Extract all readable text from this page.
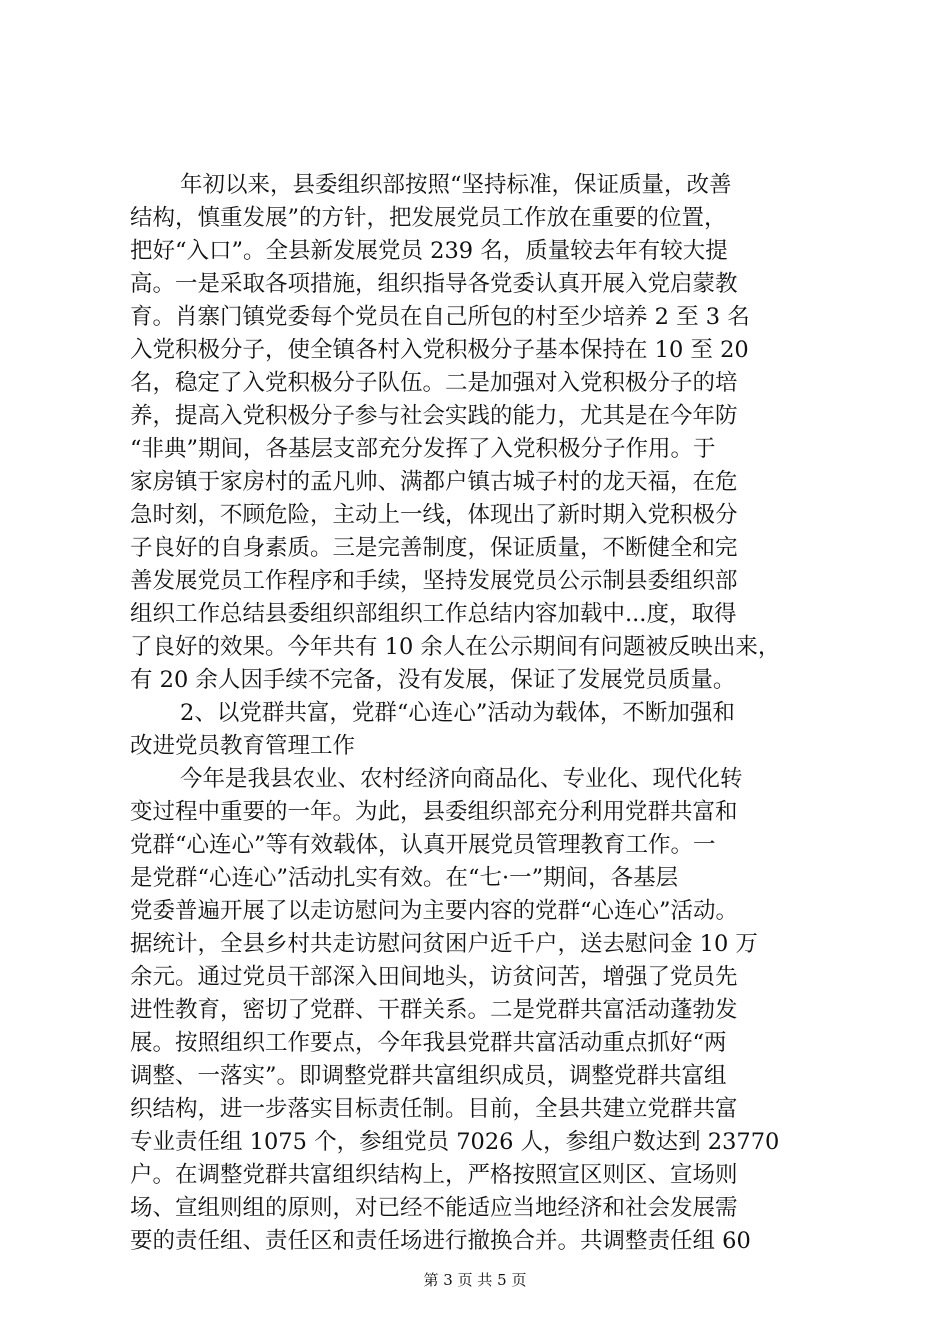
年初以来，县委组织部按照“坚持标准，保证质量，改善
结构，慎重发展”的方针，把发展党员工作放在重要的位置，
把好“入口”。全县新发展党员 239 名，质量较去年有较大提
高。一是采取各项措施，组织指导各党委认真开展入党启蒙教
育。肖寨门镇党委每个党员在自己所包的村至少培养 2 至 3 名
入党积极分子，使全镇各村入党积极分子基本保持在 10 至 20
名，稳定了入党积极分子队伍。二是加强对入党积极分子的培
养，提高入党积极分子参与社会实践的能力，尤其是在今年防
“非典”期间，各基层支部充分发挥了入党积极分子作用。于
家房镇于家房村的孟凡帅、满都户镇古城子村的龙天福，在危
急时刻，不顾危险，主动上一线，体现出了新时期入党积极分
子良好的自身素质。三是完善制度，保证质量，不断健全和完
善发展党员工作程序和手续，坚持发展党员公示制县委组织部
组织工作总结县委组织部组织工作总结内容加载中...度，取得
了良好的效果。今年共有 10 余人在公示期间有问题被反映出来，
有 20 余人因手续不完备，没有发展，保证了发展党员质量。
2、以党群共富，党群“心连心”活动为载体，不断加强和
改进党员教育管理工作
今年是我县农业、农村经济向商品化、专业化、现代化转
变过程中重要的一年。为此，县委组织部充分利用党群共富和
党群“心连心”等有效载体，认真开展党员管理教育工作。一
是党群“心连心”活动扎实有效。在“七·一”期间，各基层
党委普遍开展了以走访慰问为主要内容的党群“心连心”活动。
据统计，全县乡村共走访慰问贫困户近千户，送去慰问金 10 万
余元。通过党员干部深入田间地头，访贫问苦，增强了党员先
进性教育，密切了党群、干群关系。二是党群共富活动蓬勃发
展。按照组织工作要点，今年我县党群共富活动重点抓好“两
调整、一落实”。即调整党群共富组织成员，调整党群共富组
织结构，进一步落实目标责任制。目前，全县共建立党群共富
专业责任组 1075 个，参组党员 7026 人，参组户数达到 23770
户。在调整党群共富组织结构上，严格按照宣区则区、宣场则
场、宣组则组的原则，对已经不能适应当地经济和社会发展需
要的责任组、责任区和责任场进行撤换合并。共调整责任组 60
第 3 页 共 5 页
